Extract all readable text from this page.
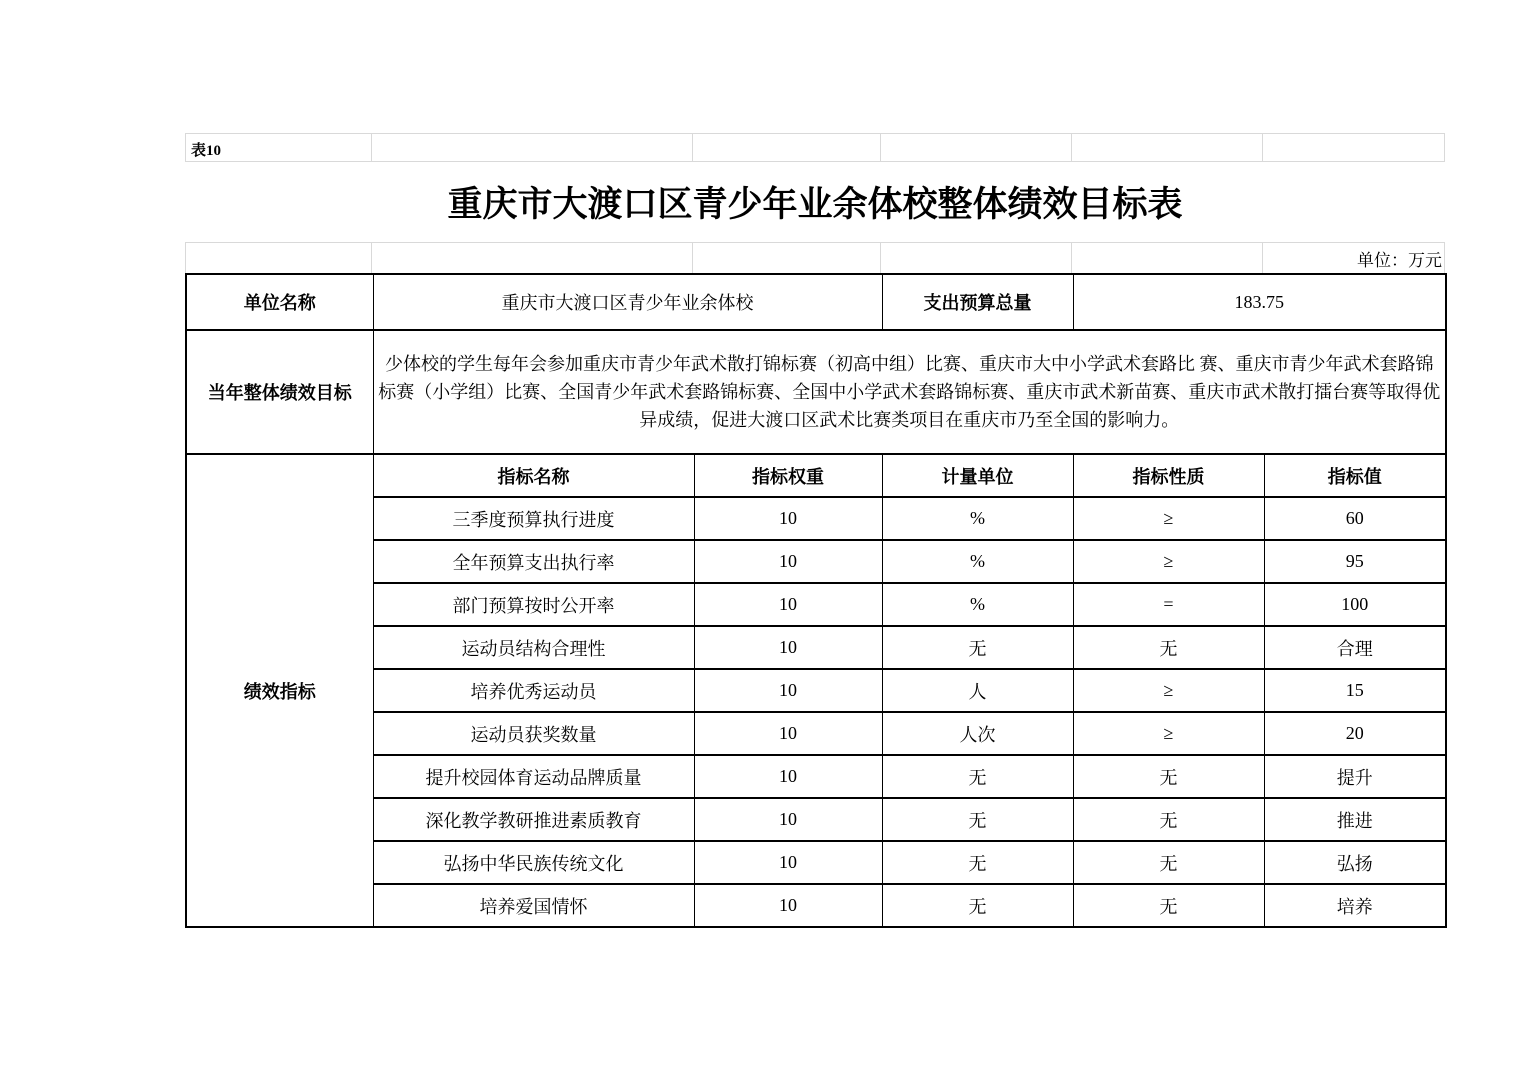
表10
重庆市大渡口区青少年业余体校整体绩效目标表
单位：万元
单位名称	重庆市大渡口区青少年业余体校		支出预算总量	183.75	
当年整体绩效目标	少体校的学生每年会参加重庆市青少年武术散打锦标赛（初高中组）比赛、重庆市大中小学武术套路比 赛、重庆市青少年武术套路锦标赛（小学组）比赛、全国青少年武术套路锦标赛、全国中小学武术套路锦标赛、重庆市武术新苗赛、重庆市武术散打擂台赛等取得优异成绩，促进大渡口区武术比赛类项目在重庆市乃至全国的影响力。				
绩效指标	指标名称	指标权重	计量单位	指标性质	指标值
	三季度预算执行进度	10	%	≥	60
	全年预算支出执行率	10	%	≥	95
	部门预算按时公开率	10	%	=	100
	运动员结构合理性	10	无	无	合理
	培养优秀运动员	10	人	≥	15
	运动员获奖数量	10	人次	≥	20
	提升校园体育运动品牌质量	10	无	无	提升
	深化教学教研推进素质教育	10	无	无	推进
	弘扬中华民族传统文化	10	无	无	弘扬
	培养爱国情怀	10	无	无	培养
